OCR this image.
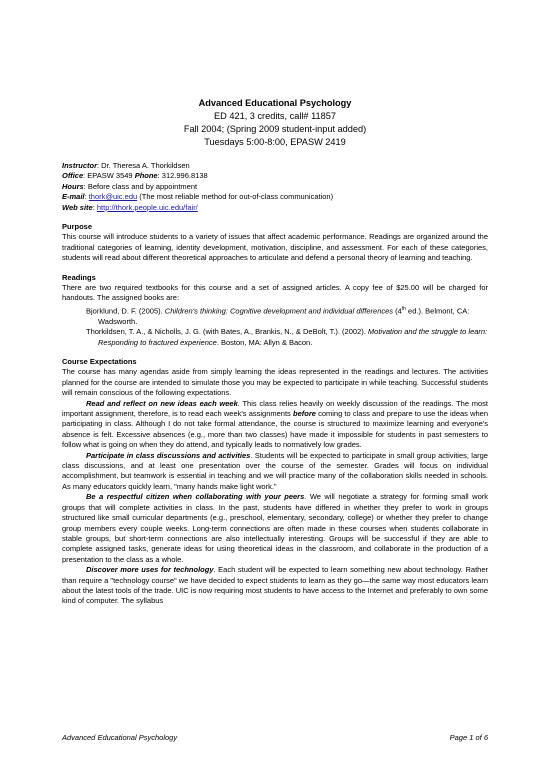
Advanced Educational Psychology
ED 421, 3 credits, call# 11857
Fall 2004; (Spring 2009 student-input added)
Tuesdays 5:00-8:00, EPASW 2419

Instructor: Dr. Theresa A. Thorkildsen

Office: EPASW 3549 Phone: 312.996.8138

Hours: Before class and by appointment

E-mail: thork@uic.edu (The most reliable method for out-of-class communication)

Web site: http://thork.people.uic.edu/fair/

Purpose

This course will introduce students to a variety of issues that affect academic performance. Readings are organized around the traditional categories of learning, identity development, motivation, discipline, and assessment. For each of these categories, students will read about different theoretical approaches to articulate and defend a personal theory of learning and teaching.

Readings

There are two required textbooks for this course and a set of assigned articles. A copy fee of $25.00 will be charged for handouts. The assigned books are:

Bjorklund, D. F. (2005). Children's thinking: Cognitive development and individual differences (4th ed.). Belmont, CA: Wadsworth.

Thorkildsen, T. A., & Nicholls, J. G. (with Bates, A., Brankis, N., & DeBolt, T.). (2002). Motivation and the struggle to learn: Responding to fractured experience. Boston, MA: Allyn & Bacon.

Course Expectations

The course has many agendas aside from simply learning the ideas represented in the readings and lectures. The activities planned for the course are intended to simulate those you may be expected to participate in while teaching. Successful students will remain conscious of the following expectations.

Read and reflect on new ideas each week. This class relies heavily on weekly discussion of the readings. The most important assignment, therefore, is to read each week's assignments before coming to class and prepare to use the ideas when participating in class. Although I do not take formal attendance, the course is structured to maximize learning and everyone's absence is felt. Excessive absences (e.g., more than two classes) have made it impossible for students in past semesters to follow what is going on when they do attend, and typically leads to normatively low grades.

Participate in class discussions and activities. Students will be expected to participate in small group activities, large class discussions, and at least one presentation over the course of the semester. Grades will focus on individual accomplishment, but teamwork is essential in teaching and we will practice many of the collaboration skills needed in schools. As many educators quickly learn, "many hands make light work."

Be a respectful citizen when collaborating with your peers. We will negotiate a strategy for forming small work groups that will complete activities in class. In the past, students have differed in whether they prefer to work in groups structured like small curricular departments (e.g., preschool, elementary, secondary, college) or whether they prefer to change group members every couple weeks. Long-term connections are often made in these courses when students collaborate in stable groups, but short-term connections are also intellectually interesting. Groups will be successful if they are able to complete assigned tasks, generate ideas for using theoretical ideas in the classroom, and collaborate in the production of a presentation to the class as a whole.

Discover more uses for technology. Each student will be expected to learn something new about technology. Rather than require a "technology course" we have decided to expect students to learn as they go—the same way most educators learn about the latest tools of the trade. UIC is now requiring most students to have access to the Internet and preferably to own some kind of computer. The syllabus

Advanced Educational Psychology	Page 1 of 6
